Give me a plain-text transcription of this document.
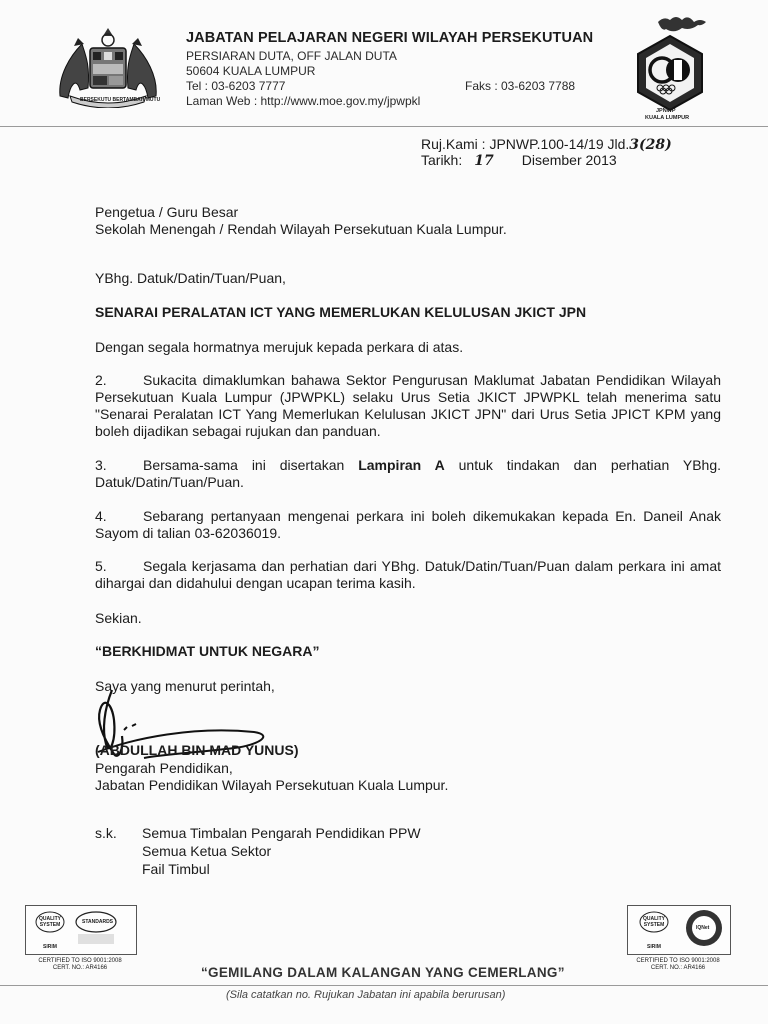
BERSEKUTU BERTAMBAH MUTU
JABATAN PELAJARAN NEGERI WILAYAH PERSEKUTUAN
PERSIARAN DUTA, OFF JALAN DUTA
50604 KUALA LUMPUR
Tel : 03-6203 7777	Faks : 03-6203 7788
Laman Web : http://www.moe.gov.my/jpwpkl
JPNWP
KUALA LUMPUR
Ruj.Kami : JPNWP.100-14/19 Jld.3(28)
Tarikh: 17 Disember 2013
Pengetua / Guru Besar
Sekolah Menengah / Rendah Wilayah Persekutuan Kuala Lumpur.
YBhg. Datuk/Datin/Tuan/Puan,
SENARAI PERALATAN ICT YANG MEMERLUKAN KELULUSAN JKICT JPN
Dengan segala hormatnya merujuk kepada perkara di atas.
2.	Sukacita dimaklumkan bahawa Sektor Pengurusan Maklumat Jabatan Pendidikan Wilayah Persekutuan Kuala Lumpur (JPWPKL) selaku Urus Setia JKICT JPWPKL telah menerima satu "Senarai Peralatan ICT Yang Memerlukan Kelulusan JKICT JPN" dari Urus Setia JPICT KPM yang boleh dijadikan sebagai rujukan dan panduan.
3.	Bersama-sama ini disertakan Lampiran A untuk tindakan dan perhatian YBhg. Datuk/Datin/Tuan/Puan.
4.	Sebarang pertanyaan mengenai perkara ini boleh dikemukakan kepada En. Daneil Anak Sayom di talian 03-62036019.
5.	Segala kerjasama dan perhatian dari YBhg. Datuk/Datin/Tuan/Puan dalam perkara ini amat dihargai dan didahului dengan ucapan terima kasih.
Sekian.
“BERKHIDMAT UNTUK NEGARA”
Saya yang menurut perintah,
(ABDULLAH BIN MAD YUNUS)
Pengarah Pendidikan,
Jabatan Pendidikan Wilayah Persekutuan Kuala Lumpur.
s.k. Semua Timbalan Pengarah Pendidikan PPW
Semua Ketua Sektor
Fail Timbul
QUALITY SYSTEM	STANDARDS
SIRIM
CERTIFIED TO ISO 9001:2008
CERT. NO.: AR4166
QUALITY SYSTEM	IQNet
SIRIM
CERTIFIED TO ISO 9001:2008
CERT. NO.: AR4166
“GEMILANG DALAM KALANGAN YANG CEMERLANG”
(Sila catatkan no. Rujukan Jabatan ini apabila berurusan)
